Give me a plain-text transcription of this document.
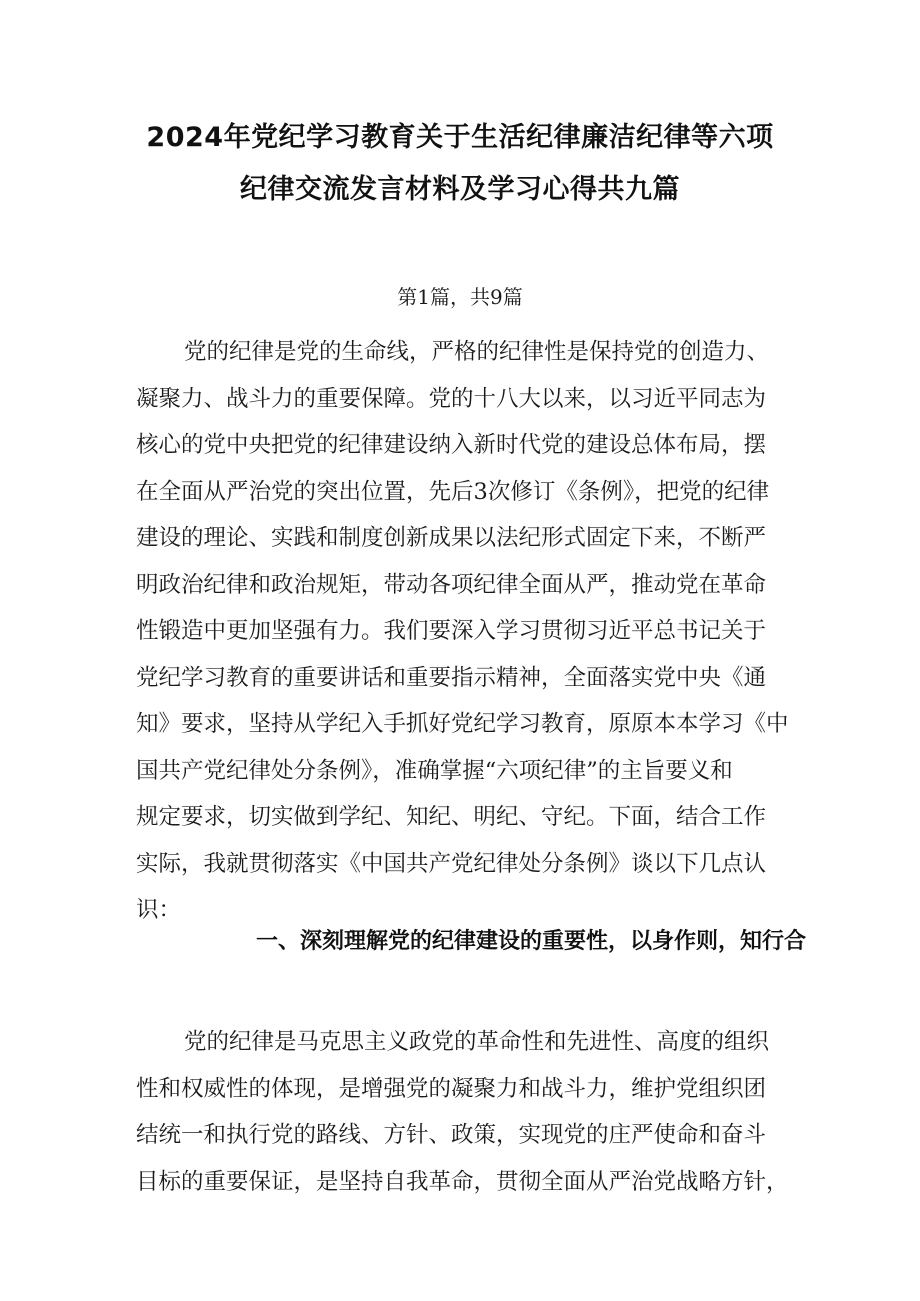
2024年党纪学习教育关于生活纪律廉洁纪律等六项
纪律交流发言材料及学习心得共九篇
第1篇，共9篇
党的纪律是党的生命线，严格的纪律性是保持党的创造力、
凝聚力、战斗力的重要保障。党的十八大以来，以习近平同志为
核心的党中央把党的纪律建设纳入新时代党的建设总体布局，摆
在全面从严治党的突出位置，先后3次修订《条例》，把党的纪律
建设的理论、实践和制度创新成果以法纪形式固定下来，不断严
明政治纪律和政治规矩，带动各项纪律全面从严，推动党在革命
性锻造中更加坚强有力。我们要深入学习贯彻习近平总书记关于
党纪学习教育的重要讲话和重要指示精神，全面落实党中央《通
知》要求，坚持从学纪入手抓好党纪学习教育，原原本本学习《中
国共产党纪律处分条例》，准确掌握“六项纪律”的主旨要义和
规定要求，切实做到学纪、知纪、明纪、守纪。下面，结合工作
实际，我就贯彻落实《中国共产党纪律处分条例》谈以下几点认
识：
一、深刻理解党的纪律建设的重要性，以身作则，知行合
党的纪律是马克思主义政党的革命性和先进性、高度的组织
性和权威性的体现，是增强党的凝聚力和战斗力，维护党组织团
结统一和执行党的路线、方针、政策，实现党的庄严使命和奋斗
目标的重要保证，是坚持自我革命，贯彻全面从严治党战略方针，
